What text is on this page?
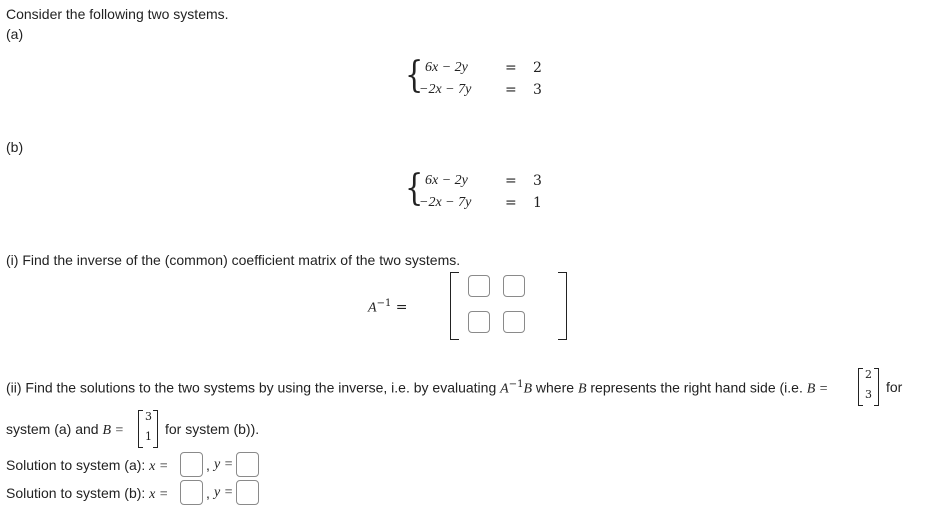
Consider the following two systems.
(a)
{ 6x − 2y	= 2
−2x − 7y = 3
(b)
{ 6x − 2y	= 3
−2x − 7y = 1
(i) Find the inverse of the (common) coefficient matrix of the two systems.
$A^{-1}$ =
(ii) Find the solutions to the two systems by using the inverse, i.e. by evaluating $A^{-1}B$ where B represents the right hand side (i.e. B =
2
3 for
system (a) and B =
3
1 for system (b)).
Solution to system (a): x =	, y =
Solution to system (b): x =	, y =
